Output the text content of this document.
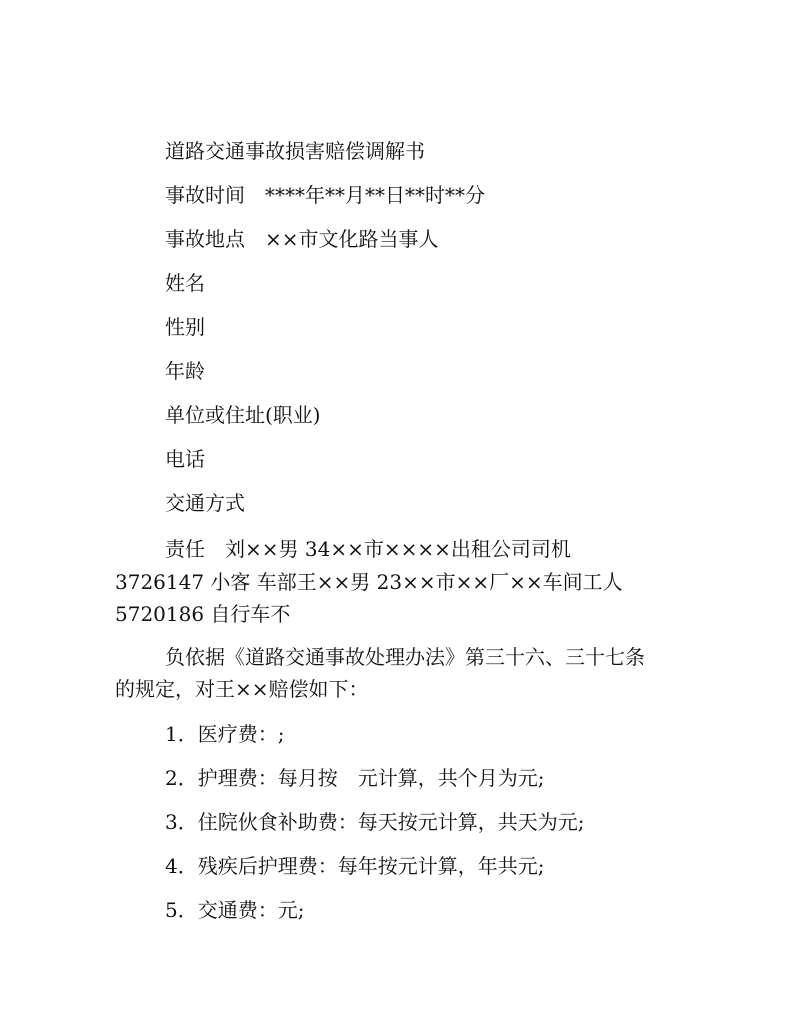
道路交通事故损害赔偿调解书
事故时间　****年**月**日**时**分
事故地点　××市文化路当事人
姓名
性别
年龄
单位或住址(职业)
电话
交通方式
责任　刘××男 34××市××××出租公司司机
3726147 小客 车部王××男 23××市××厂××车间工人
5720186 自行车不
负依据《道路交通事故处理办法》第三十六、三十七条
的规定，对王××赔偿如下：
1．医疗费：;
2．护理费：每月按　元计算，共个月为元;
3．住院伙食补助费：每天按元计算，共天为元;
4．残疾后护理费：每年按元计算，年共元;
5．交通费：元;
